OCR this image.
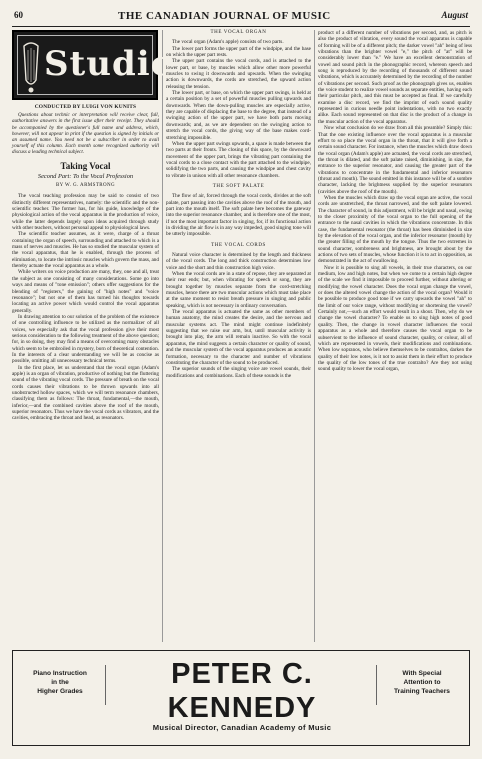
60	THE CANADIAN JOURNAL OF MUSIC	August
Studio
CONDUCTED BY LUIGI VON KUNITS

Questions about technic or interpretation will receive clear, full, authoritative answers in the first issue after their receipt. They should be accompanied by the questioner's full name and address, which, however, will not appear in print if the question is signed by initials or an assumed name. You need not be a subscriber in order to avail yourself of this column. Each month some recognized authority will discuss a leading technical subject.

Taking Vocal
Second Part: To the Vocal Profession
BY W. G. ARMSTRONG

The vocal teaching profession may be said to consist of two distinctly different representatives, namely: the scientific and the non-scientific teacher. The former has, for his guide, knowledge of the physiological action of the vocal apparatus in the production of voice, while the latter depends largely upon ideas acquired through study with other teachers, without personal appeal to physiological laws.

The scientific teacher assumes, as it were, charge of a throat containing the organ of speech, surrounding and attached to which is a mass of nerves and muscles. He has so studied the muscular system of the vocal apparatus, that he is enabled, through the process of elimination, to locate the intrinsic muscles which govern the mass, and thereby actuate the vocal apparatus as a whole.

While writers on voice production are many, they, one and all, treat the subject as one consisting of many considerations. Some go into ways and means of "tone emission"; others offer suggestions for the blending of "registers," the gaining of "high notes" and "voice resonance"; but not one of them has turned his thoughts towards locating an active power which would control the vocal apparatus generally.

In drawing attention to our solution of the problem of the existence of one controlling influence to be utilized as the normalizer of all voices, we especially ask that the vocal profession give their most serious consideration to the following treatment of the above question; for, in so doing, they may find a means of overcoming many obstacles which seem to be embroiled in mystery, born of theoretical contention. In the interests of a clear understanding we will be as concise as possible, omitting all unnecessary technical terms.

In the first place, let us understand that the vocal organ (Adam's apple) is an organ of vibration, productive of nothing but the fluttering sound of the vibrating vocal cords. The pressure of breath on the vocal cords causes their vibrations to be thrown upwards into all unobstructed hollow spaces, which we will term resonance chambers, classifying them as follows: The throat, fundamental,—the mouth, inferior,—and the combined cavities above the roof of the mouth, superior resonators. Thus we have the vocal cords as vibrators, and the cavities, embracing the throat and head, as resonators.

THE VOCAL ORGAN

The vocal organ (Adam's apple) consists of two parts.

The lower part forms the upper part of the windpipe, and the base on which the upper part rests.

The upper part contains the vocal cords, and is attached to the lower part, or base, by muscles which allow other more powerful muscles to swing it downwards and upwards. When the swinging action is downwards, the cords are stretched, the upward action releasing the tension.

The lower part, or base, on which the upper part swings, is held at a certain position by a set of powerful muscles pulling upwards and downwards. When the down-pulling muscles are especially active, they are capable of displacing the base to the degree, that instead of a swinging action of the upper part, we have both parts moving downwards; and, as we are dependent on the swinging action to stretch the vocal cords, the giving way of the base makes cord-stretching impossible.

When the upper part swings upwards, a space is made between the two parts at their fronts. The closing of this space, by the downward movement of the upper part, brings the vibrating part containing the vocal cords to a close contact with the part attached to the windpipe, solidifying the two parts, and causing the windpipe and chest cavity to vibrate in unison with all other resonance chambers.

THE SOFT PALATE

The flow of air, forced through the vocal cords, divides at the soft palate, part passing into the cavities above the roof of the mouth, and part into the mouth itself. The soft palate here becomes the gateway into the superior resonance chamber, and is therefore one of the most, if not the most important factor in singing, for, if its functional action in dividing the air flow is in any way impeded, good singing tone will be utterly impossible.

THE VOCAL CORDS

Natural voice character is determined by the length and thickness of the vocal cords. The long and thick construction determines low voice and the short and thin construction high voice.

When the vocal cords are in a state of repose, they are separated at their rear ends; but, when vibrating for speech or song, they are brought together by muscles separate from the cord-stretching muscles, hence there are two muscular actions which must take place at the same moment to resist breath pressure in singing and public speaking, which is not necessary in ordinary conversation.

The vocal apparatus is actuated the same as other members of human anatomy, the mind creates the desire, and the nervous and muscular systems act. The mind might continue indefinitely suggesting that we raise our arm, but, until muscular activity is brought into play, the arm will remain inactive. So with the vocal apparatus, the mind suggests a certain character or quality of sound, and the muscular system of the vocal apparatus produces an acoustic formation, necessary to the character and number of vibrations constituting the character of the sound to be produced.

The superior sounds of the singing voice are vowel sounds, their modifications and combinations. Each of these sounds is the

product of a different number of vibrations per second, and, as pitch is also the product of vibration, every sound the vocal apparatus is capable of forming will be of a different pitch; the darker vowel "ah" being of less vibrations than the brighter vowel "e," the pitch of "at" will be considerably lower than "e." We have an excellent demonstration of vowel and sound pitch in the phonographic record, whereon speech and song is reproduced by the recording of thousands of different sound vibrations, which is accurately determined by the recording of the number of vibrations per second. Such proof as the phonograph gives us, enables the voice student to realize vowel sounds as separate entities, having each their particular pitch, and this must be accepted as final. If we carefully examine a disc record, we find the imprint of each sound quality represented in curious needle point indentations, with no two exactly alike. Each sound represented on that disc is the product of a change in the muscular action of the vocal apparatus.

Now what conclusion do we draw from all this preamble? Simply this: That the one existing influence over the vocal apparatus is a muscular effort to so place the vocal organ in the throat, that it will give forth a certain sound character. For instance, when the muscles which draw down the vocal organ (Adam's apple) are actuated, the vocal cords are stretched, the throat is dilated, and the soft palate raised, diminishing, in size, the entrance to the superior resonator, and causing the greater part of the vibrations to concentrate in the fundamental and inferior resonators (throat and mouth). The sound emitted in this instance will be of a sombre character, lacking the brightness supplied by the superior resonators (cavities above the roof of the mouth).

When the muscles which draw up the vocal organ are active, the vocal cords are unstretched, the throat narrowed, and the soft palate lowered. The character of sound, in this adjustment, will be bright and nasal, owing to the closer proximity of the vocal organ to the full opening of the entrance to the nasal cavities in which the vibrations concentrate. In this case, the fundamental resonator (the throat) has been diminished in size by the elevation of the vocal organ, and the inferior resonator (mouth) by the greater filling of the mouth by the tongue. Thus the two extremes in sound character, sombreness and brightness, are brought about by the actions of two sets of muscles, whose function it is to act in opposition, as demonstrated in the act of swallowing.

Now it is possible to sing all vowels, in their true characters, on our medium, low and high notes, but when we come to a certain high degree of the scale we find it impossible to proceed further, without altering or modifying the vowel character. Does the vocal organ change the vowel, or does the altered vowel change the action of the vocal organ? Would it be possible to produce good tone if we carry upwards the vowel "ah" to the limit of our voice range, without modifying or shortening the vowel? Certainly not,—such an effort would result in a shout. Then, why do we change the vowel character? To enable us to sing high notes of good quality. Then, the change in vowel character influences the vocal apparatus as a whole and therefore causes the vocal organ to be subservient to the influence of sound character, quality, or colour, all of which are represented in vowels, their modifications and combinations. When low sopranos, who believe themselves to be contraltos, darken the quality of their low notes, is it not to assist them in their effort to produce the quality of the low tones of the true contralto? Are they not using sound quality to lower the vocal organ,

Piano Instruction
in the
Higher Grades
PETER C. KENNEDY
With Special
Attention to
Training Teachers
Musical Director, Canadian Academy of Music
